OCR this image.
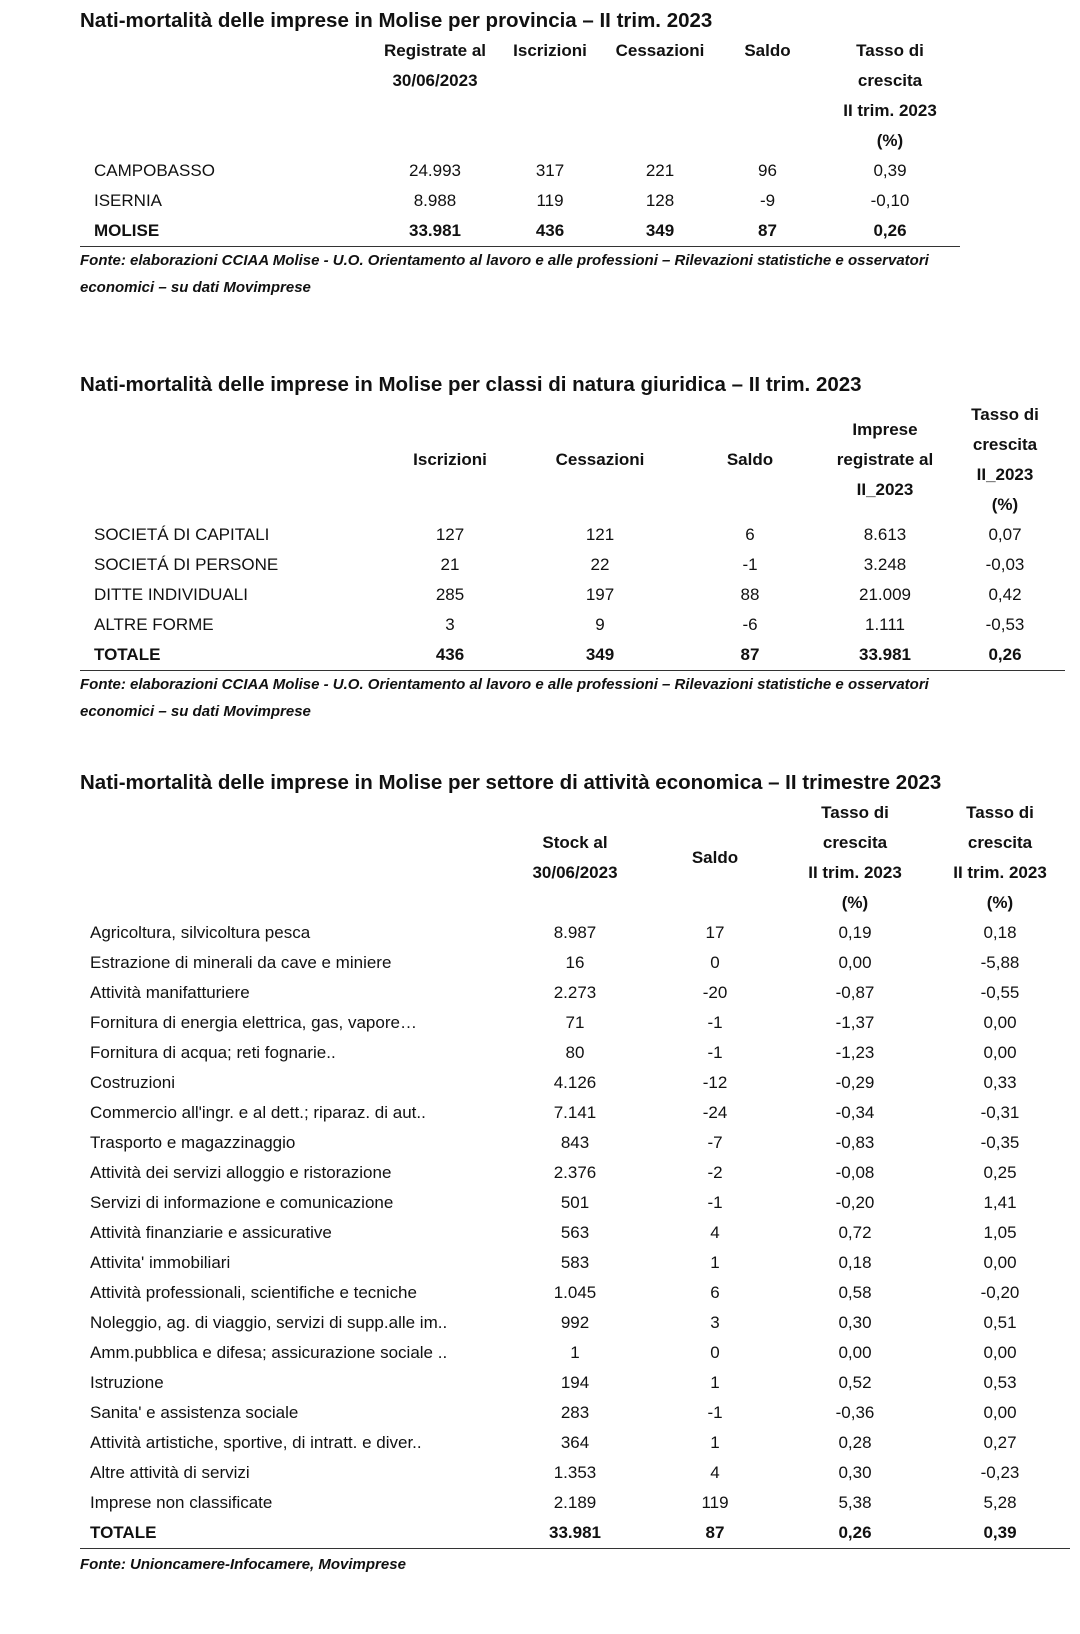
Nati-mortalità delle imprese in Molise per provincia – II trim. 2023

	Registrate al
30/06/2023	Iscrizioni	Cessazioni	Saldo	Tasso di
crescita
II trim. 2023
(%)

CAMPOBASSO	24.993	317	221	96	0,39
ISERNIA	8.988	119	128	-9	-0,10
MOLISE	33.981	436	349	87	0,26
Fonte: elaborazioni CCIAA Molise - U.O. Orientamento al lavoro e alle professioni – Rilevazioni statistiche e osservatori
economici – su dati Movimprese
Nati-mortalità delle imprese in Molise per classi di natura giuridica – II trim. 2023

	Iscrizioni	Cessazioni	Saldo	Imprese
registrate al
II_2023	Tasso di
crescita
II_2023
(%)

SOCIETÁ DI CAPITALI	127	121	6	8.613	0,07
SOCIETÁ DI PERSONE	21	22	-1	3.248	-0,03
DITTE INDIVIDUALI	285	197	88	21.009	0,42
ALTRE FORME	3	9	-6	1.111	-0,53
TOTALE	436	349	87	33.981	0,26
Fonte: elaborazioni CCIAA Molise - U.O. Orientamento al lavoro e alle professioni – Rilevazioni statistiche e osservatori
economici – su dati Movimprese
Nati-mortalità delle imprese in Molise per settore di attività economica – II trimestre 2023

	Stock al
30/06/2023	Saldo	Tasso di
crescita
II trim. 2023
(%)	Tasso di
crescita
II trim. 2023
(%)

Agricoltura, silvicoltura pesca	8.987	17	0,19	0,18
Estrazione di minerali da cave e miniere	16	0	0,00	-5,88
Attività manifatturiere	2.273	-20	-0,87	-0,55
Fornitura di energia elettrica, gas, vapore…	71	-1	-1,37	0,00
Fornitura di acqua; reti fognarie..	80	-1	-1,23	0,00
Costruzioni	4.126	-12	-0,29	0,33
Commercio all'ingr. e al dett.; riparaz. di aut..	7.141	-24	-0,34	-0,31
Trasporto e magazzinaggio	843	-7	-0,83	-0,35
Attività dei servizi alloggio e ristorazione	2.376	-2	-0,08	0,25
Servizi di informazione e comunicazione	501	-1	-0,20	1,41
Attività finanziarie e assicurative	563	4	0,72	1,05
Attivita' immobiliari	583	1	0,18	0,00
Attività professionali, scientifiche e tecniche	1.045	6	0,58	-0,20
Noleggio, ag. di viaggio, servizi di supp.alle im..	992	3	0,30	0,51
Amm.pubblica e difesa; assicurazione sociale ..	1	0	0,00	0,00
Istruzione	194	1	0,52	0,53
Sanita' e assistenza sociale	283	-1	-0,36	0,00
Attività artistiche, sportive, di intratt. e diver..	364	1	0,28	0,27
Altre attività di servizi	1.353	4	0,30	-0,23
Imprese non classificate	2.189	119	5,38	5,28
TOTALE	33.981	87	0,26	0,39
Fonte: Unioncamere-Infocamere, Movimprese
